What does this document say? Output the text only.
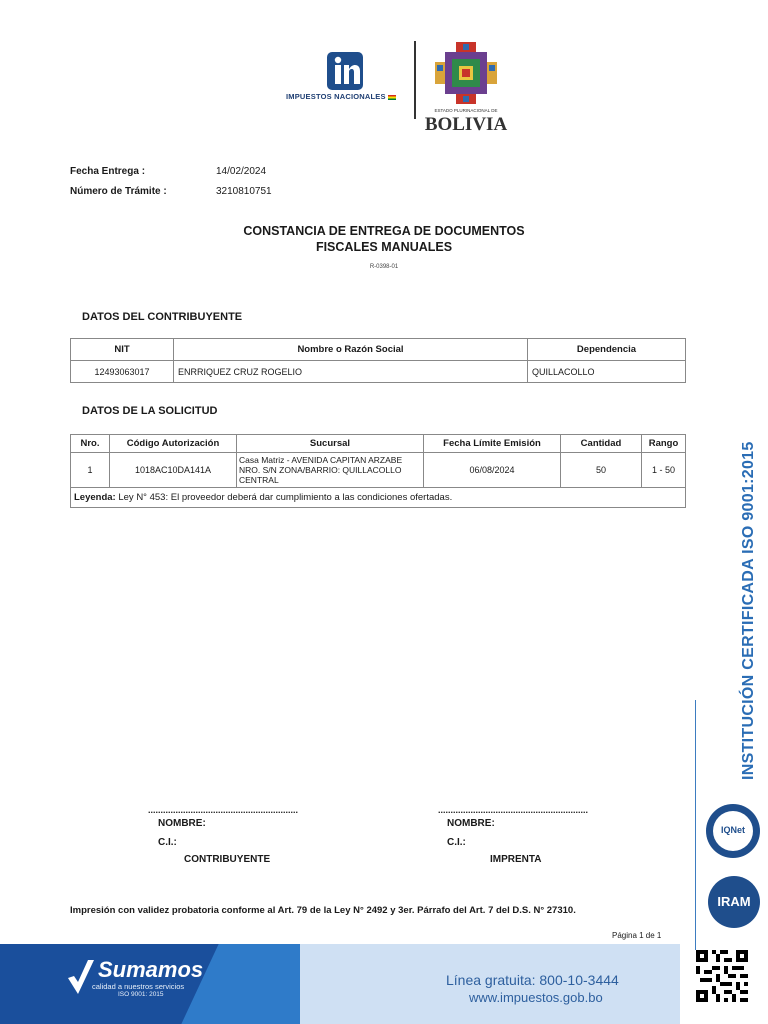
IMPUESTOS NACIONALES
ESTADO PLURINACIONAL DE
BOLIVIA
Fecha Entrega :	14/02/2024
Número de Trámite :	3210810751
CONSTANCIA DE ENTREGA DE DOCUMENTOS
FISCALES MANUALES
R-0398-01
DATOS DEL CONTRIBUYENTE
NIT	Nombre o Razón Social	Dependencia
12493063017	ENRRIQUEZ CRUZ ROGELIO	QUILLACOLLO
DATOS DE LA SOLICITUD
Nro.	Código Autorización	Sucursal	Fecha Límite Emisión	Cantidad	Rango
1	1018AC10DA141A	Casa Matriz - AVENIDA CAPITAN ARZABE NRO. S/N ZONA/BARRIO: QUILLACOLLO CENTRAL	06/08/2024	50	1 - 50
Leyenda: Ley N° 453: El proveedor deberá dar cumplimiento a las condiciones ofertadas.					
............................................................	............................................................
NOMBRE:
C.I.:
CONTRIBUYENTE
NOMBRE:
C.I.:
IMPRENTA
Impresión con validez probatoria conforme al Art. 79 de la Ley N° 2492 y 3er. Párrafo del Art. 7 del D.S. N° 27310.
Página 1 de 1
INSTITUCIÓN CERTIFICADA ISO 9001:2015
IQNet
IRAM
Sumamos
calidad a nuestros servicios
ISO 9001: 2015
Línea gratuita: 800-10-3444
www.impuestos.gob.bo
